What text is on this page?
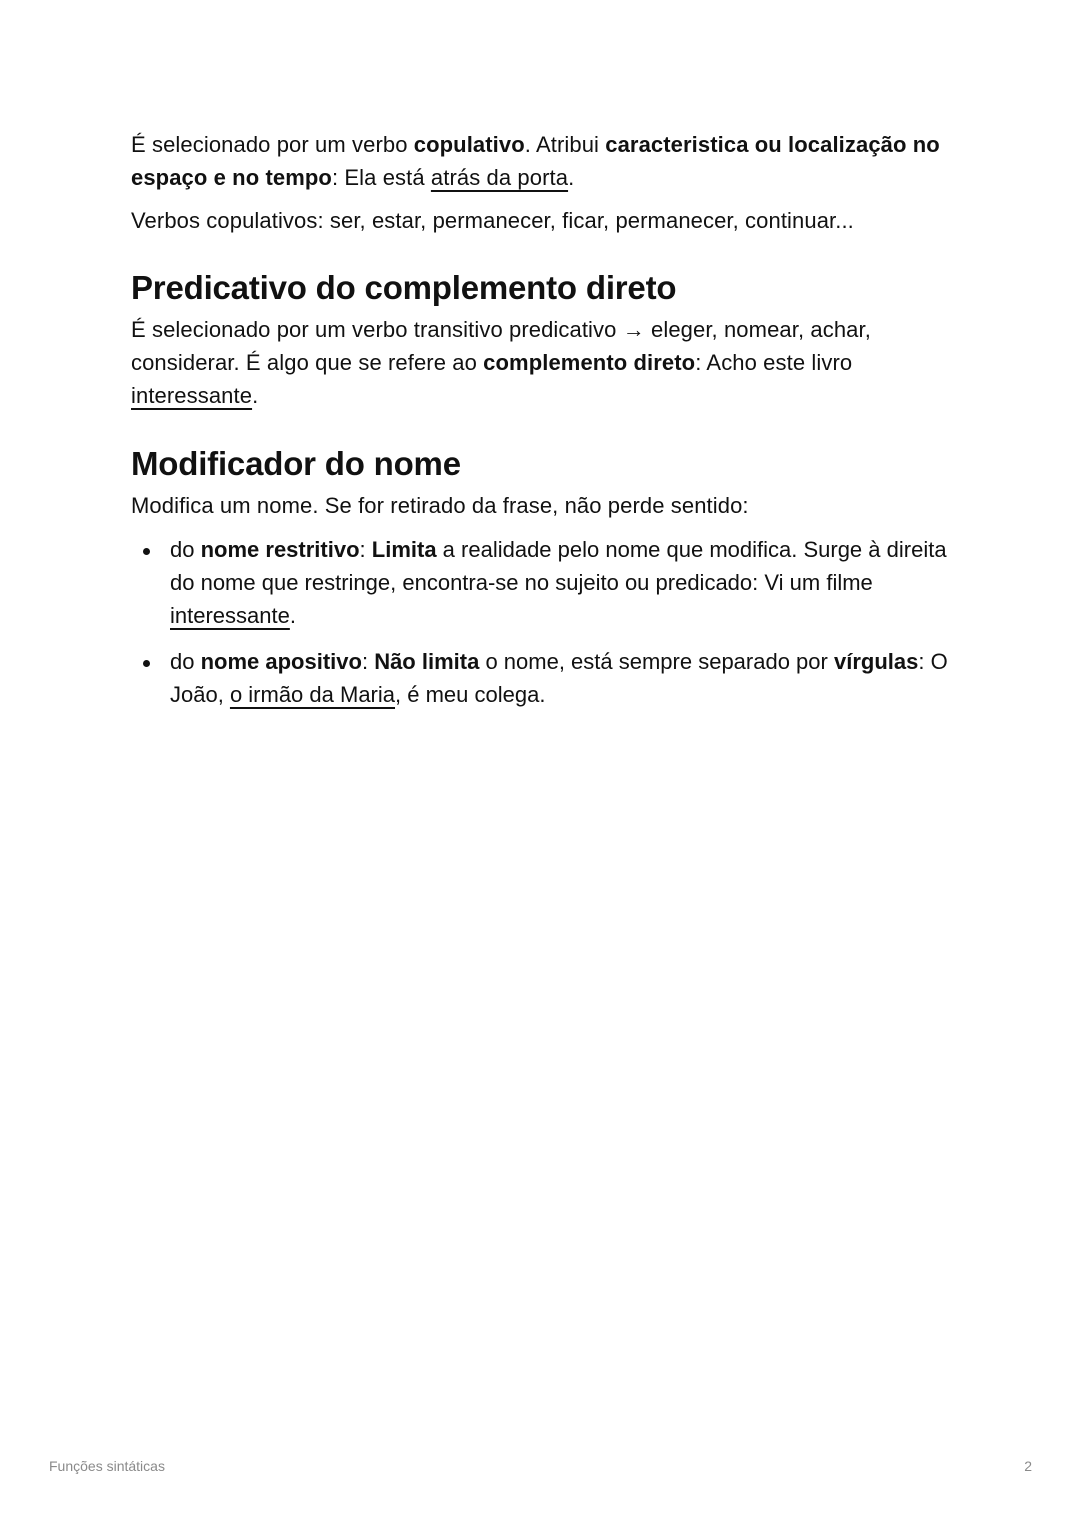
É selecionado por um verbo copulativo. Atribui caracteristica ou localização no espaço e no tempo: Ela está atrás da porta.

Verbos copulativos: ser, estar, permanecer, ficar, permanecer, continuar...

Predicativo do complemento direto

É selecionado por um verbo transitivo predicativo → eleger, nomear, achar, considerar. É algo que se refere ao complemento direto: Acho este livro interessante.

Modificador do nome

Modifica um nome. Se for retirado da frase, não perde sentido:

do nome restritivo: Limita a realidade pelo nome que modifica. Surge à direita do nome que restringe, encontra-se no sujeito ou predicado: Vi um filme interessante.
do nome apositivo: Não limita o nome, está sempre separado por vírgulas: O João, o irmão da Maria, é meu colega.
Funções sintáticas	2
